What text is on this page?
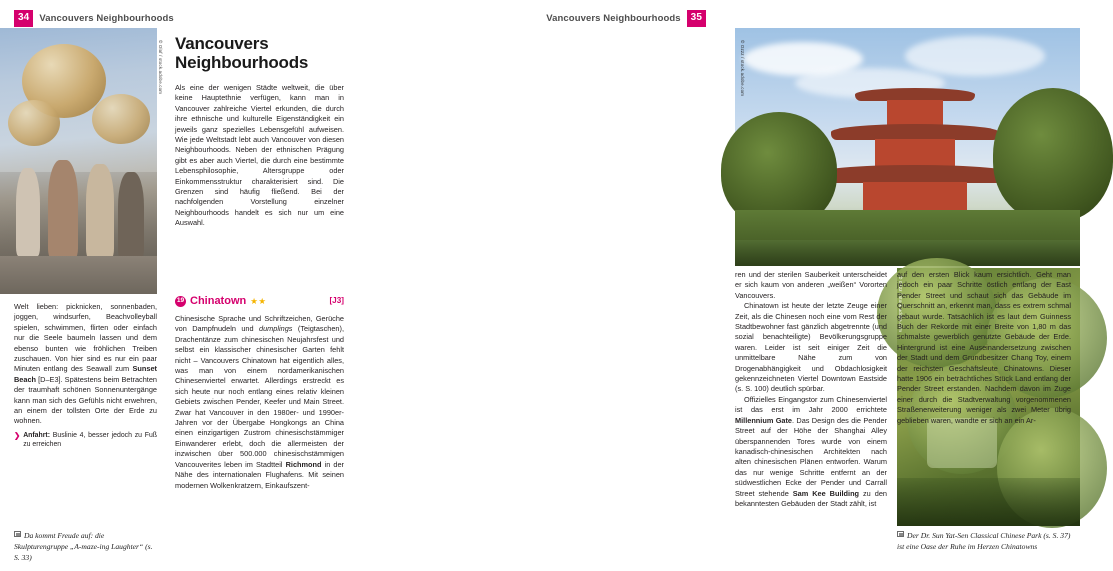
34	Vancouvers Neighbourhoods	Vancouvers Neighbourhoods	35
© Olaf / stock.adobe.com

Welt lieben: picknicken, sonnenbaden, joggen, windsurfen, Beachvolleyball spielen, schwimmen, flirten oder einfach nur die Seele baumeln lassen und dem ebenso bunten wie fröhlichen Treiben zuschauen. Von hier sind es nur ein paar Minuten entlang des Seawall zum Sunset Beach [D–E3]. Spätestens beim Betrachten der traumhaft schönen Sonnenuntergänge kann man sich des Gefühls nicht erwehren, an einem der tollsten Orte der Erde zu wohnen.

❯ Anfahrt: Buslinie 4, besser jedoch zu Fuß zu erreichen
Da kommt Freude auf: die Skulpturengruppe „A-maze-ing Laughter“ (s. S. 33)
Vancouvers Neighbourhoods

Als eine der wenigen Städte weltweit, die über keine Hauptethnie verfügen, kann man in Vancouver zahlreiche Viertel erkunden, die durch ihre ethnische und kulturelle Eigenständigkeit ein jeweils ganz spezielles Lebensgefühl aufweisen. Wie jede Weltstadt lebt auch Vancouver von diesen Neighbourhoods. Neben der ethnischen Prägung gibt es aber auch Viertel, die durch eine bestimmte Lebensphilosophie, Altersgruppe oder Einkommensstruktur charakterisiert sind. Die Grenzen sind häufig fließend. Bei der nachfolgenden Vorstellung einzelner Neighbourhoods handelt es sich nur um eine Auswahl.

19 Chinatown ★★	[J3]

Chinesische Sprache und Schriftzeichen, Gerüche von Dampfnudeln und dumplings (Teigtaschen), Drachentänze zum chinesischen Neujahrsfest und selbst ein klassischer chinesischer Garten fehlt nicht – Vancouvers Chinatown hat eigentlich alles, was man von einem nordamerikanischen Chinesenviertel erwartet. Allerdings erstreckt es sich heute nur noch entlang eines relativ kleinen Gebiets zwischen Pender, Keefer und Main Street. Zwar hat Vancouver in den 1980er- und 1990er-Jahren vor der Übergabe Hongkongs an China einen einzigartigen Zustrom chinesischstämmiger Einwanderer erlebt, doch die allermeisten der inzwischen über 500.000 chinesischstämmigen Vancouverites leben im Stadtteil Richmond in der Nähe des internationalen Flughafens. Mit seinen modernen Wolkenkratzern, Einkaufszent-

© Ozzz / stock.adobe.com
© Ozzz / stock.adobe.com

ren und der sterilen Sauberkeit unterscheidet er sich kaum von anderen „weißen“ Vororten Vancouvers.

Chinatown ist heute der letzte Zeuge einer Zeit, als die Chinesen noch eine vom Rest der Stadtbewohner fast gänzlich abgetrennte (und sozial benachteiligte) Bevölkerungsgruppe waren. Leider ist seit einiger Zeit die unmittelbare Nähe zum von Drogenabhängigkeit und Obdachlosigkeit gekennzeichneten Viertel Downtown Eastside (s. S. 100) deutlich spürbar.

Offizielles Eingangstor zum Chinesenviertel ist das erst im Jahr 2000 errichtete Millennium Gate. Das Design des die Pender Street auf der Höhe der Shanghai Alley überspannenden Tores wurde von einem kanadisch-chinesischen Architekten nach alten chinesischen Plänen entworfen. Warum das nur wenige Schritte entfernt an der südwestlichen Ecke der Pender und Carrall Street stehende Sam Kee Building zu den bekanntesten Gebäuden der Stadt zählt, ist

auf den ersten Blick kaum ersichtlich. Geht man jedoch ein paar Schritte östlich entlang der East Pender Street und schaut sich das Gebäude im Querschnitt an, erkennt man, dass es extrem schmal gebaut wurde. Tatsächlich ist es laut dem Guinness Buch der Rekorde mit einer Breite von 1,80 m das schmalste gewerblich genutzte Gebäude der Erde. Hintergrund ist eine Auseinandersetzung zwischen der Stadt und dem Grundbesitzer Chang Toy, einem der reichsten Geschäftsleute Chinatowns. Dieser hatte 1906 ein beträchtliches Stück Land entlang der Pender Street erstanden. Nachdem davon im Zuge einer durch die Stadtverwaltung vorgenommenen Straßenerweiterung weniger als zwei Meter übrig geblieben waren, wandte er sich an ein Ar-

Der Dr. Sun Yat-Sen Classical Chinese Park (s. S. 37) ist eine Oase der Ruhe im Herzen Chinatowns
